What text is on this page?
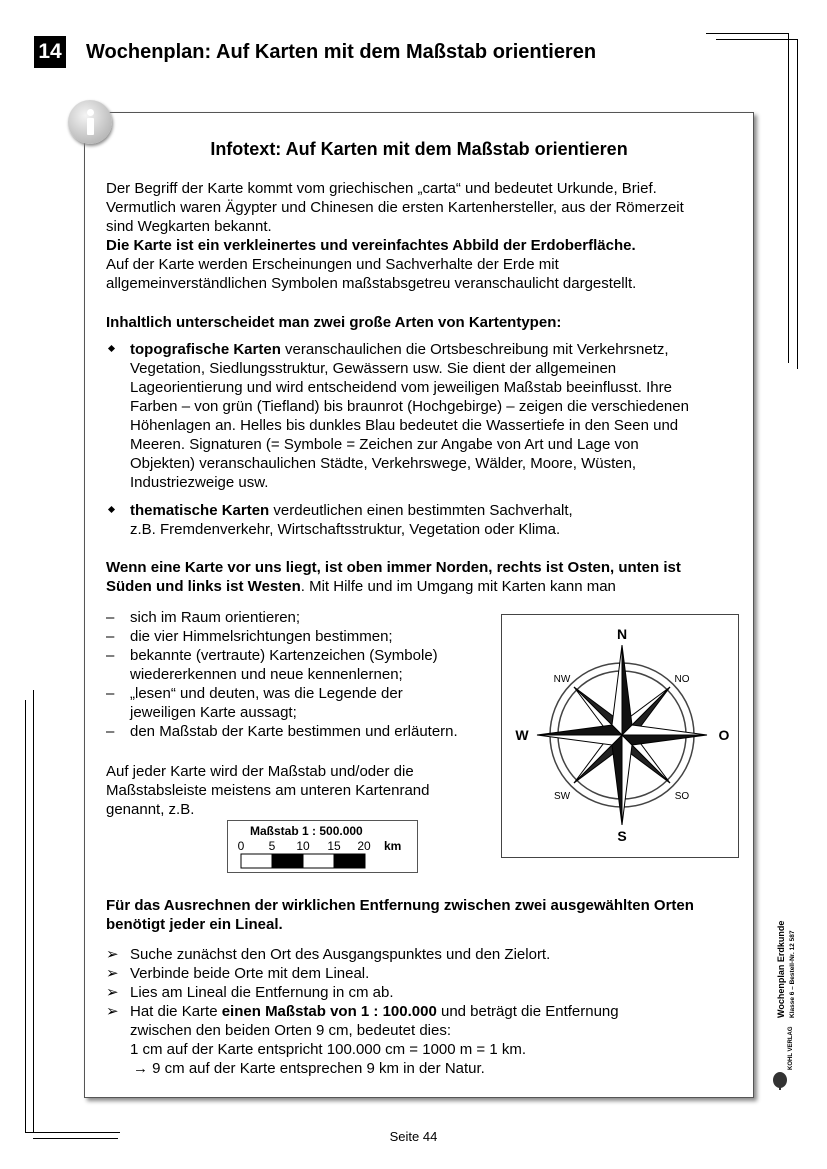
14 Wochenplan: Auf Karten mit dem Maßstab orientieren
Infotext: Auf Karten mit dem Maßstab orientieren
Der Begriff der Karte kommt vom griechischen „carta“ und bedeutet Urkunde, Brief.
Vermutlich waren Ägypter und Chinesen die ersten Kartenhersteller, aus der Römerzeit
sind Wegkarten bekannt.
Die Karte ist ein verkleinertes und vereinfachtes Abbild der Erdoberfläche.
Auf der Karte werden Erscheinungen und Sachverhalte der Erde mit
allgemeinverständlichen Symbolen maßstabsgetreu veranschaulicht dargestellt.
Inhaltlich unterscheidet man zwei große Arten von Kartentypen:
topografische Karten veranschaulichen die Ortsbeschreibung mit Verkehrsnetz,
Vegetation, Siedlungsstruktur, Gewässern usw. Sie dient der allgemeinen
Lageorientierung und wird entscheidend vom jeweiligen Maßstab beeinflusst. Ihre
Farben – von grün (Tiefland) bis braunrot (Hochgebirge) – zeigen die verschiedenen
Höhenlagen an. Helles bis dunkles Blau bedeutet die Wassertiefe in den Seen und
Meeren. Signaturen (= Symbole = Zeichen zur Angabe von Art und Lage von
Objekten) veranschaulichen Städte, Verkehrswege, Wälder, Moore, Wüsten,
Industriezweige usw.
thematische Karten verdeutlichen einen bestimmten Sachverhalt,
z.B. Fremdenverkehr, Wirtschaftsstruktur, Vegetation oder Klima.
Wenn eine Karte vor uns liegt, ist oben immer Norden, rechts ist Osten, unten ist
Süden und links ist Westen. Mit Hilfe und im Umgang mit Karten kann man
– sich im Raum orientieren;
– die vier Himmelsrichtungen bestimmen;
– bekannte (vertraute) Kartenzeichen (Symbole)
wiedererkennen und neue kennenlernen;
– „lesen“ und deuten, was die Legende der
jeweiligen Karte aussagt;
– den Maßstab der Karte bestimmen und erläutern.
Auf jeder Karte wird der Maßstab und/oder die
Maßstabsleiste meistens am unteren Kartenrand
genannt, z.B.
Maßstab 1 : 500.000
0 5 10 15 20 km
N
S
W	O
NW	NO
SW	SO
Für das Ausrechnen der wirklichen Entfernung zwischen zwei ausgewählten Orten
benötigt jeder ein Lineal.
➢ Suche zunächst den Ort des Ausgangspunktes und den Zielort.
➢ Verbinde beide Orte mit dem Lineal.
➢ Lies am Lineal die Entfernung in cm ab.
➢ Hat die Karte einen Maßstab von 1 : 100.000 und beträgt die Entfernung
zwischen den beiden Orten 9 cm, bedeutet dies:
1 cm auf der Karte entspricht 100.000 cm = 1000 m = 1 km.
→ 9 cm auf der Karte entsprechen 9 km in der Natur.
Wochenplan Erdkunde Klasse 6 – Bestell-Nr. 12 587
KOHL VERLAG
Seite 44
